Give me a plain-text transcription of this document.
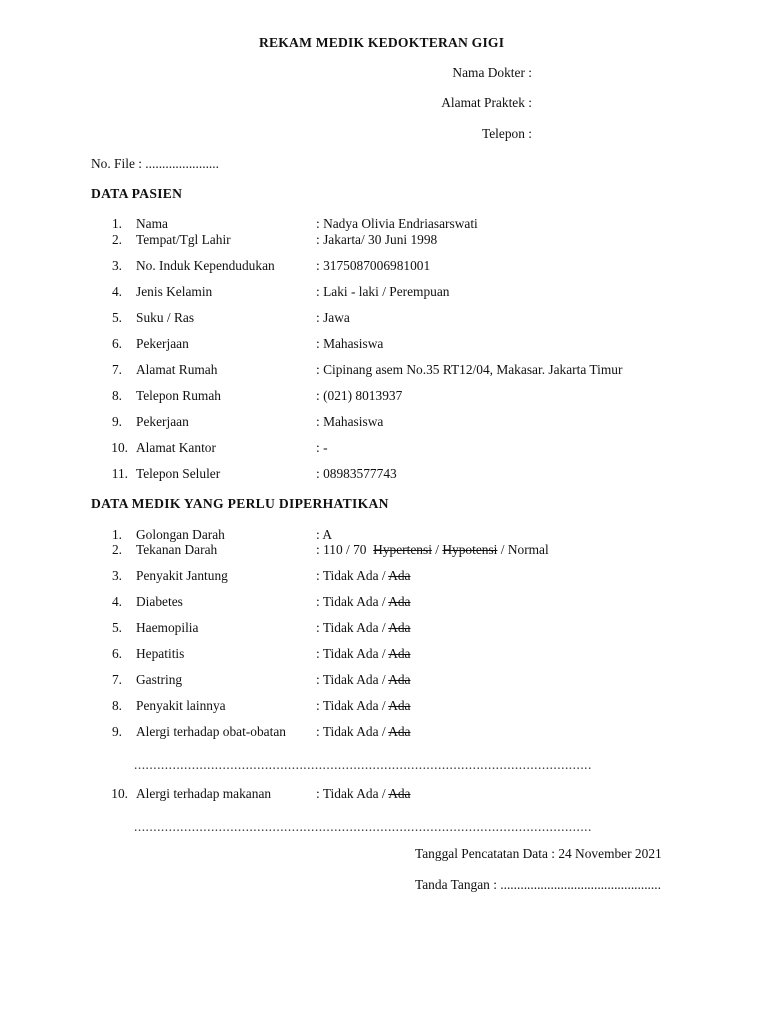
REKAM MEDIK KEDOKTERAN GIGI
Nama Dokter :
Alamat Praktek :
Telepon :
No. File : ......................
DATA PASIEN
1. Nama	: Nadya Olivia Endriasarswati
2. Tempat/Tgl Lahir	: Jakarta/ 30 Juni 1998
3. No. Induk Kependudukan	: 3175087006981001
4. Jenis Kelamin	: Laki - laki / Perempuan
5. Suku / Ras	: Jawa
6. Pekerjaan	: Mahasiswa
7. Alamat Rumah	: Cipinang asem No.35 RT12/04, Makasar. Jakarta Timur
8. Telepon Rumah	: (021) 8013937
9. Pekerjaan	: Mahasiswa
10. Alamat Kantor	: -
11. Telepon Seluler	: 08983577743
DATA MEDIK YANG PERLU DIPERHATIKAN
1. Golongan Darah	: A
2. Tekanan Darah	: 110 / 70 Hypertensi / Hypotensi / Normal
3. Penyakit Jantung	: Tidak Ada / Ada
4. Diabetes	: Tidak Ada / Ada
5. Haemopilia	: Tidak Ada / Ada
6. Hepatitis	: Tidak Ada / Ada
7. Gastring	: Tidak Ada / Ada
8. Penyakit lainnya	: Tidak Ada / Ada
9. Alergi terhadap obat-obatan : Tidak Ada / Ada
.......................................................................................................................
10. Alergi terhadap makanan	: Tidak Ada / Ada
.......................................................................................................................
Tanggal Pencatatan Data : 24 November 2021
Tanda Tangan : ................................................
